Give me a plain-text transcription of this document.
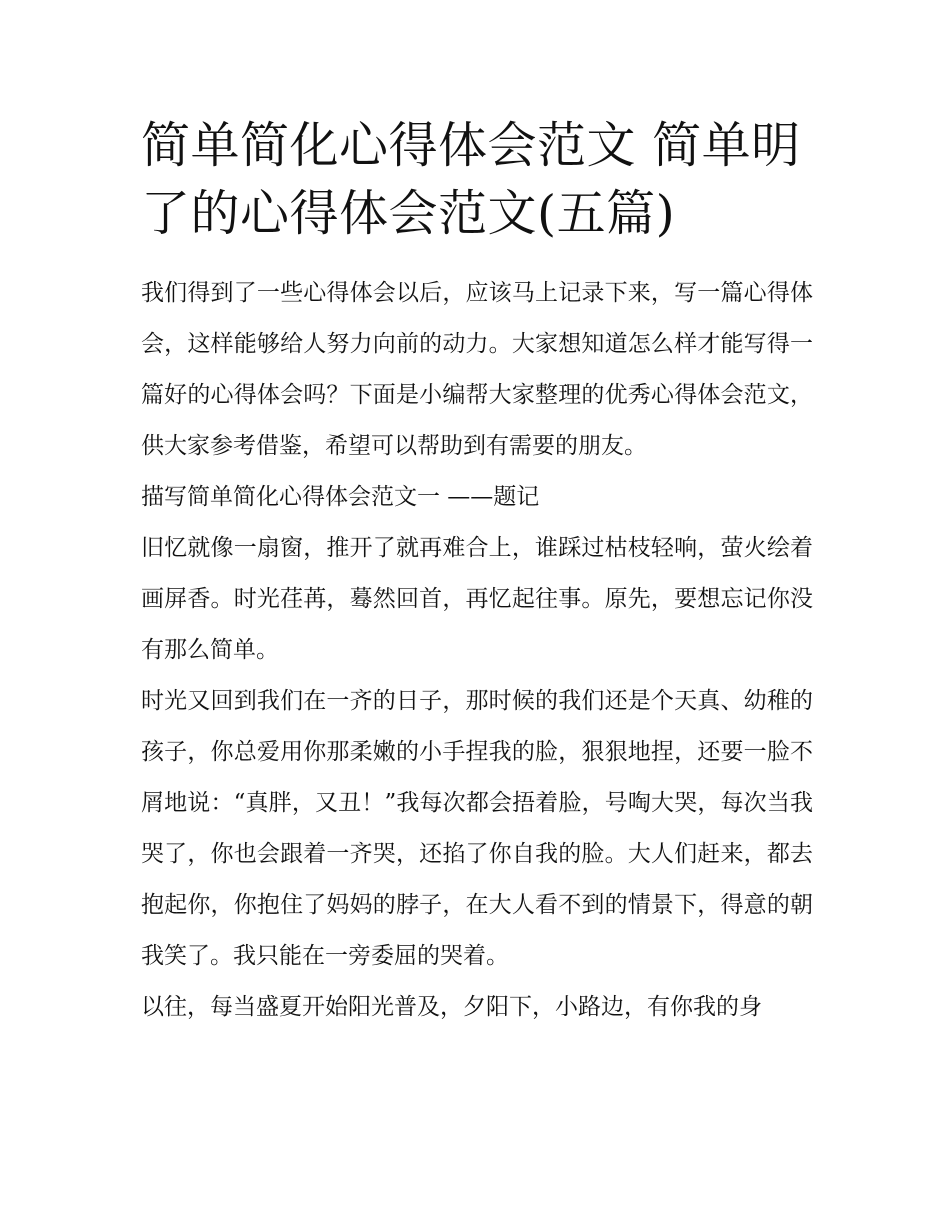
简单简化心得体会范文 简单明
了的心得体会范文(五篇)

我们得到了一些心得体会以后，应该马上记录下来，写一篇心得体会，这样能够给人努力向前的动力。大家想知道怎么样才能写得一篇好的心得体会吗？下面是小编帮大家整理的优秀心得体会范文，供大家参考借鉴，希望可以帮助到有需要的朋友。

描写简单简化心得体会范文一 ——题记

旧忆就像一扇窗，推开了就再难合上，谁踩过枯枝轻响，萤火绘着画屏香。时光荏苒，蓦然回首，再忆起往事。原先，要想忘记你没有那么简单。

时光又回到我们在一齐的日子，那时候的我们还是个天真、幼稚的孩子，你总爱用你那柔嫩的小手捏我的脸，狠狠地捏，还要一脸不屑地说：“真胖，又丑！”我每次都会捂着脸，号啕大哭，每次当我哭了，你也会跟着一齐哭，还掐了你自我的脸。大人们赶来，都去抱起你，你抱住了妈妈的脖子，在大人看不到的情景下，得意的朝我笑了。我只能在一旁委屈的哭着。

以往，每当盛夏开始阳光普及，夕阳下，小路边，有你我的身
